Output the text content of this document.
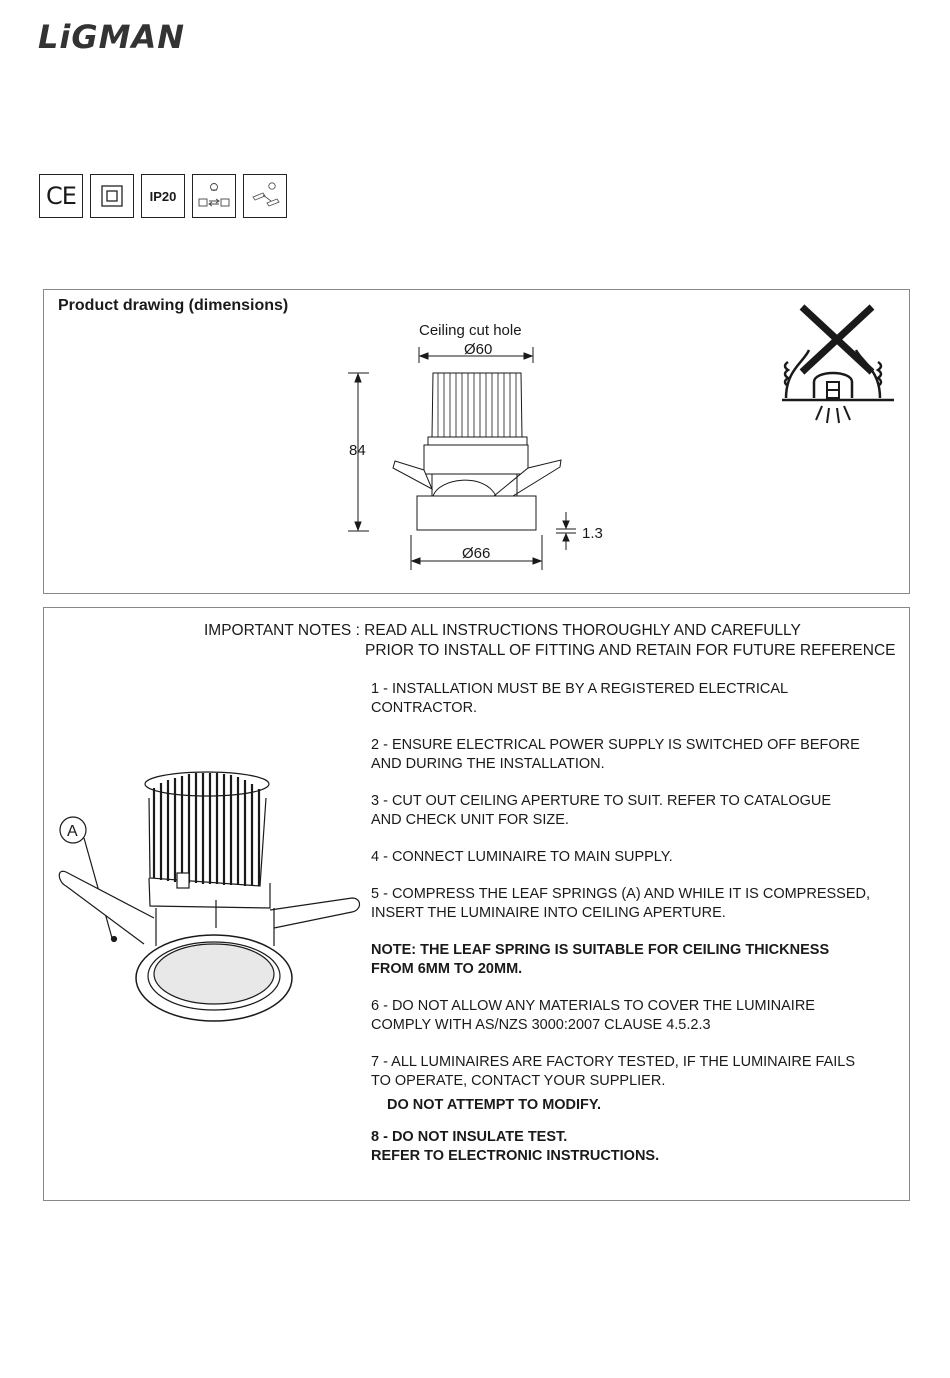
LiGMAN
CE	IP20
Product drawing (dimensions)
Ceiling cut hole
Ø60
84
1.3
Ø66
IMPORTANT NOTES : READ ALL INSTRUCTIONS THOROUGHLY AND CAREFULLY
PRIOR TO INSTALL OF FITTING AND RETAIN FOR FUTURE REFERENCE
A

1 - INSTALLATION MUST BE BY A REGISTERED ELECTRICAL
CONTRACTOR.

2 - ENSURE ELECTRICAL POWER SUPPLY IS SWITCHED OFF BEFORE
AND DURING THE INSTALLATION.

3 - CUT OUT CEILING APERTURE TO SUIT. REFER TO CATALOGUE
AND CHECK UNIT FOR SIZE.

4 - CONNECT LUMINAIRE TO MAIN SUPPLY.

5 - COMPRESS THE LEAF SPRINGS (A) AND WHILE IT IS COMPRESSED,
INSERT THE LUMINAIRE INTO CEILING APERTURE.

NOTE: THE LEAF SPRING IS SUITABLE FOR CEILING THICKNESS
FROM 6MM TO 20MM.

6 - DO NOT ALLOW ANY MATERIALS TO COVER THE LUMINAIRE
COMPLY WITH AS/NZS 3000:2007 CLAUSE 4.5.2.3

7 - ALL LUMINAIRES ARE FACTORY TESTED, IF THE LUMINAIRE FAILS
TO OPERATE, CONTACT YOUR SUPPLIER.

DO NOT ATTEMPT TO MODIFY.

8 - DO NOT INSULATE TEST.
REFER TO ELECTRONIC INSTRUCTIONS.
